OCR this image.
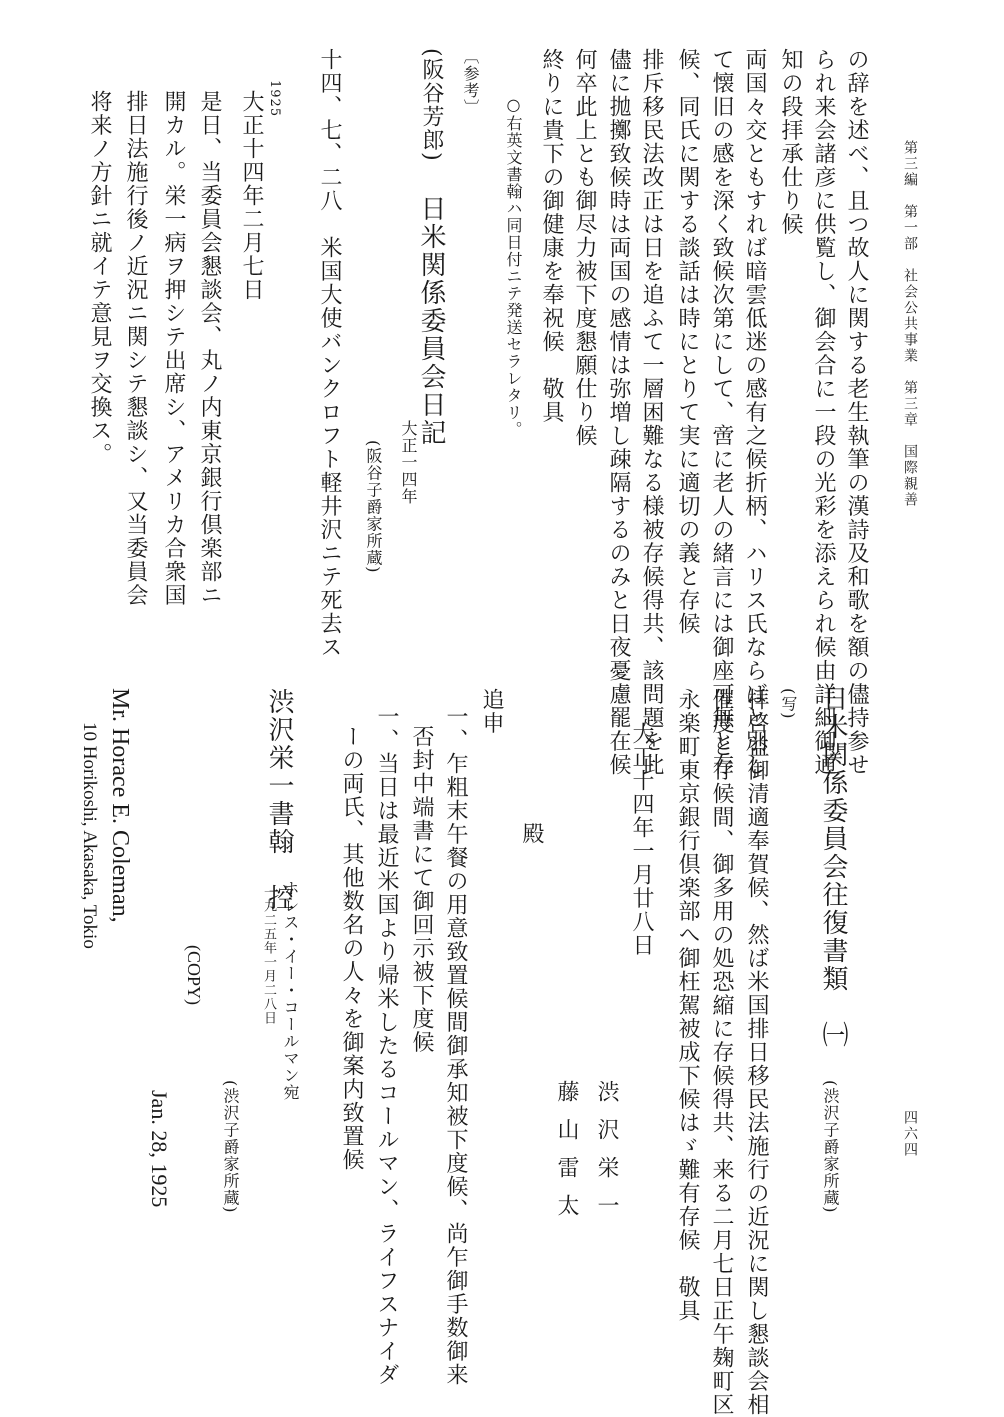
第三編　第一部　社会公共事業　第三章　国際親善
四六四
の辞を述べ、且つ故人に関する老生執筆の漢詩及和歌を額の儘持参せ
られ来会諸彦に供覧し、御会合に一段の光彩を添えられ候由詳細御通
知の段拝承仕り候
両国々交ともすれば暗雲低迷の感有之候折柄、ハリス氏ならばと別し
て懐旧の感を深く致候次第にして、啻に老人の緒言には御座可無と存
候、同氏に関する談話は時にとりて実に適切の義と存候
排斥移民法改正は日を追ふて一層困難なる様被存候得共、該問題を此
儘に拋擲致候時は両国の感情は弥増し疎隔するのみと日夜憂慮罷在候
何卒此上とも御尽力被下度懇願仕り候
終りに貴下の御健康を奉祝候　敬具
○右英文書翰ハ同日付ニテ発送セラレタリ。
〔参考〕
(阪谷芳郎)
日米関係委員会日記
大正一四年
(阪谷子爵家所蔵)
十四、七、二八　米国大使バンクロフト軽井沢ニテ死去ス
1925
大正十四年二月七日
是日、当委員会懇談会、丸ノ内東京銀行倶楽部ニ
開カル。栄一病ヲ押シテ出席シ、アメリカ合衆国
排日法施行後ノ近況ニ関シテ懇談シ、又当委員会
将来ノ方針ニ就イテ意見ヲ交換ス。
日米関係委員会往復書類　㈠
(渋沢子爵家所蔵)
(写)
拝啓益御清適奉賀候、然ば米国排日移民法施行の近況に関し懇談会相
催度と存候間、御多用の処恐縮に存候得共、来る二月七日正午麹町区
永楽町東京銀行倶楽部へ御枉駕被成下候はゞ難有存候　敬具
大正十四年一月廿八日
渋沢栄一
藤山雷太
殿
追申
一、乍粗末午餐の用意致置候間御承知被下度候、尚乍御手数御来
否封中端書にて御回示被下度候
一、当日は最近米国より帰米したるコールマン、ライフスナイダ
ーの両氏、其他数名の人々を御案内致置候
渋沢栄一書翰　控
ホレス・イー・コールマン宛
一九二五年一月二八日
(渋沢子爵家所蔵)
(COPY)
Jan. 28, 1925
Mr. Horace E. Coleman,
10 Horikoshi, Akasaka, Tokio
